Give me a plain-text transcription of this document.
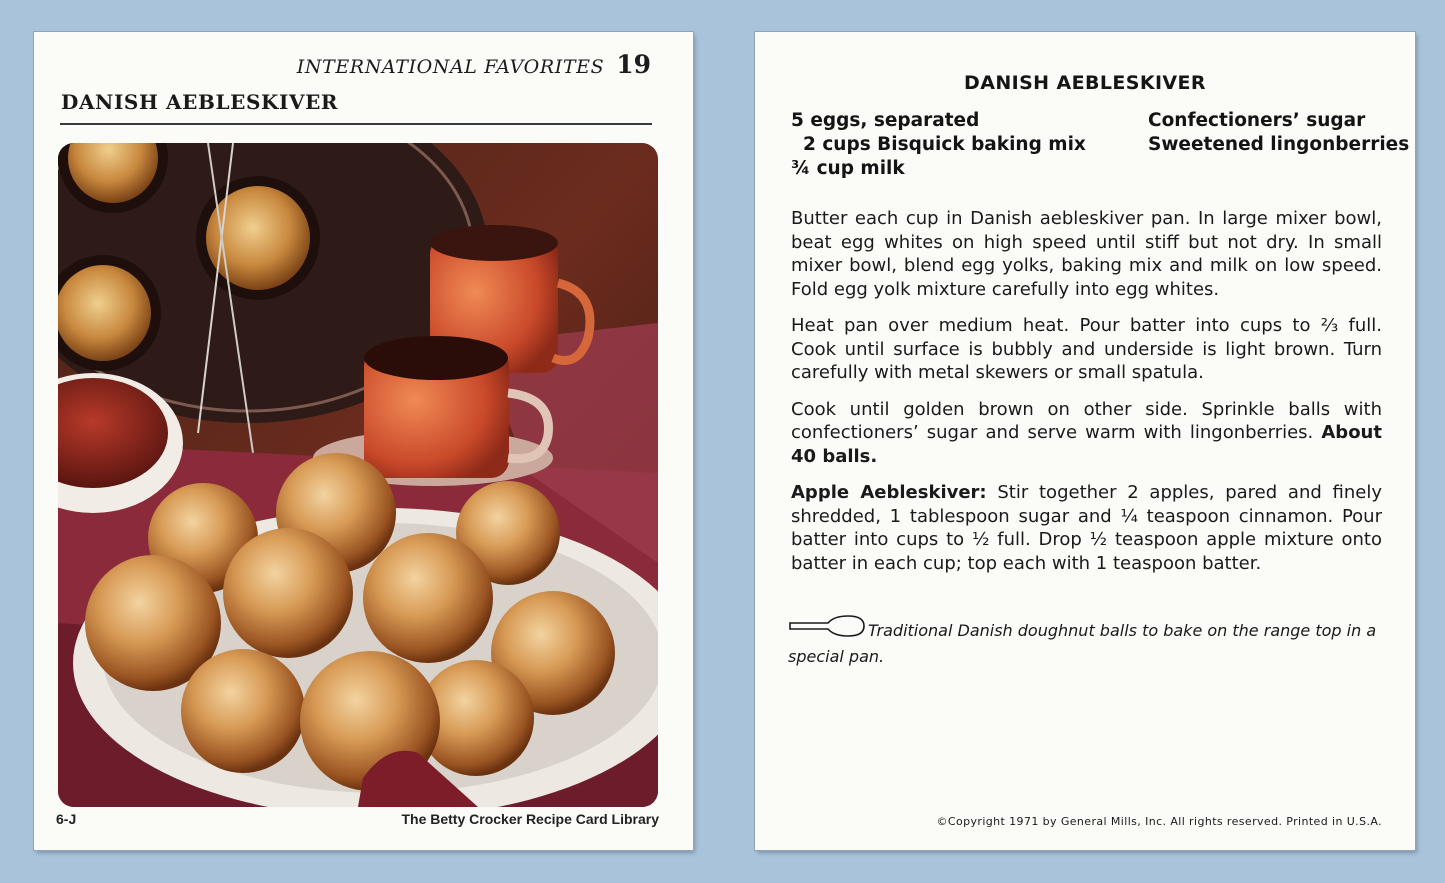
INTERNATIONAL FAVORITES 19
DANISH AEBLESKIVER
6-J	The Betty Crocker Recipe Card Library
DANISH AEBLESKIVER
5 eggs, separated
2 cups Bisquick baking mix
¾ cup milk
Confectioners’ sugar
Sweetened lingonberries

Butter each cup in Danish aebleskiver pan. In large mixer bowl, beat egg whites on high speed until stiff but not dry. In small mixer bowl, blend egg yolks, baking mix and milk on low speed. Fold egg yolk mixture carefully into egg whites.

Heat pan over medium heat. Pour batter into cups to ⅔ full. Cook until surface is bubbly and underside is light brown. Turn carefully with metal skewers or small spatula.

Cook until golden brown on other side. Sprinkle balls with confectioners’ sugar and serve warm with lingonberries. About 40 balls.

Apple Aebleskiver: Stir together 2 apples, pared and finely shredded, 1 tablespoon sugar and ¼ teaspoon cinnamon. Pour batter into cups to ½ full. Drop ½ teaspoon apple mixture onto batter in each cup; top each with 1 teaspoon batter.

Traditional Danish doughnut balls to bake on the range top in a special pan.
©Copyright 1971 by General Mills, Inc. All rights reserved. Printed in U.S.A.
